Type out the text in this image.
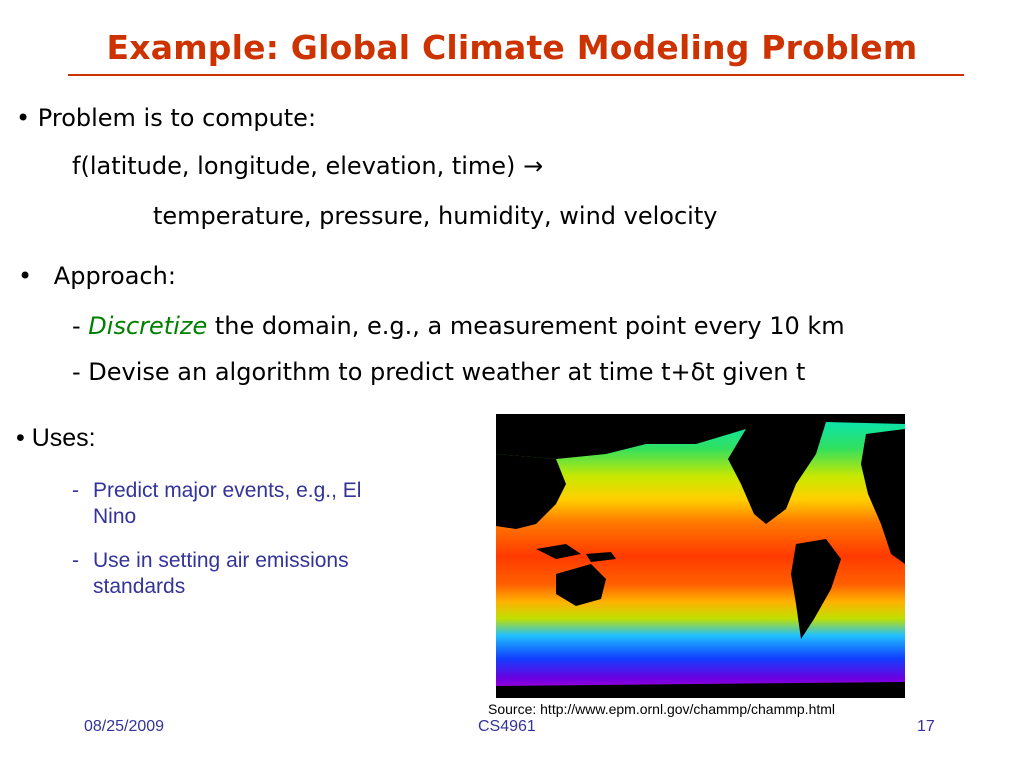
Example: Global Climate Modeling Problem
• Problem is to compute:
f(latitude, longitude, elevation, time) →
temperature, pressure, humidity, wind velocity
• Approach:
- Discretize the domain, e.g., a measurement point every 10 km
- Devise an algorithm to predict weather at time t+δt given t
• Uses:
- Predict major events, e.g., El Nino
- Use in setting air emissions standards
Source: http://www.epm.ornl.gov/chammp/chammp.html
08/25/2009	CS4961	17
